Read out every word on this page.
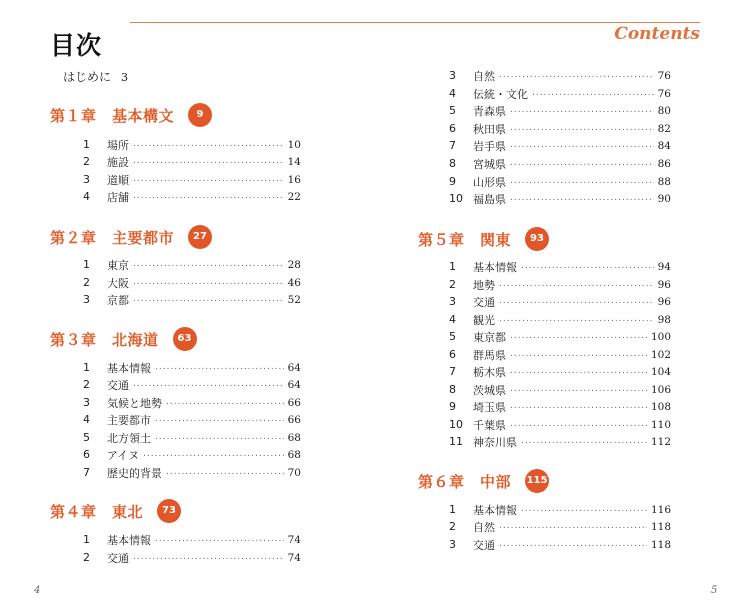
目次	Contents
はじめに 3
第１章　基本構文	9
1	場所 .....	10
2	施設 .....	14
3	道順 .....	16
4	店舗 .....	22
第２章　主要都市	27
1	東京 .....	28
2	大阪 .....	46
3	京都 .....	52
第３章　北海道	63
1	基本情報 .....	64
2	交通 .....	64
3	気候と地勢 .....	66
4	主要都市 .....	66
5	北方領土 .....	68
6	アイヌ .....	68
7	歴史的背景 .....	70
第４章　東北	73
1	基本情報 .....	74
2	交通 .....	74
3	自然 .....	76
4	伝統・文化 .....	76
5	青森県 .....	80
6	秋田県 .....	82
7	岩手県 .....	84
8	宮城県 .....	86
9	山形県 .....	88
10 福島県 .....	90
第５章　関東	93
1	基本情報 .....	94
2	地勢 .....	96
3	交通 .....	96
4	観光 .....	98
5	東京都 .....	100
6	群馬県 .....	102
7	栃木県 .....	104
8	茨城県 .....	106
9	埼玉県 .....	108
10 千葉県 .....	110
11 神奈川県 .....	112
第６章　中部 115
1	基本情報 .....	116
2	自然 .....	118
3	交通 .....	118
4	5
